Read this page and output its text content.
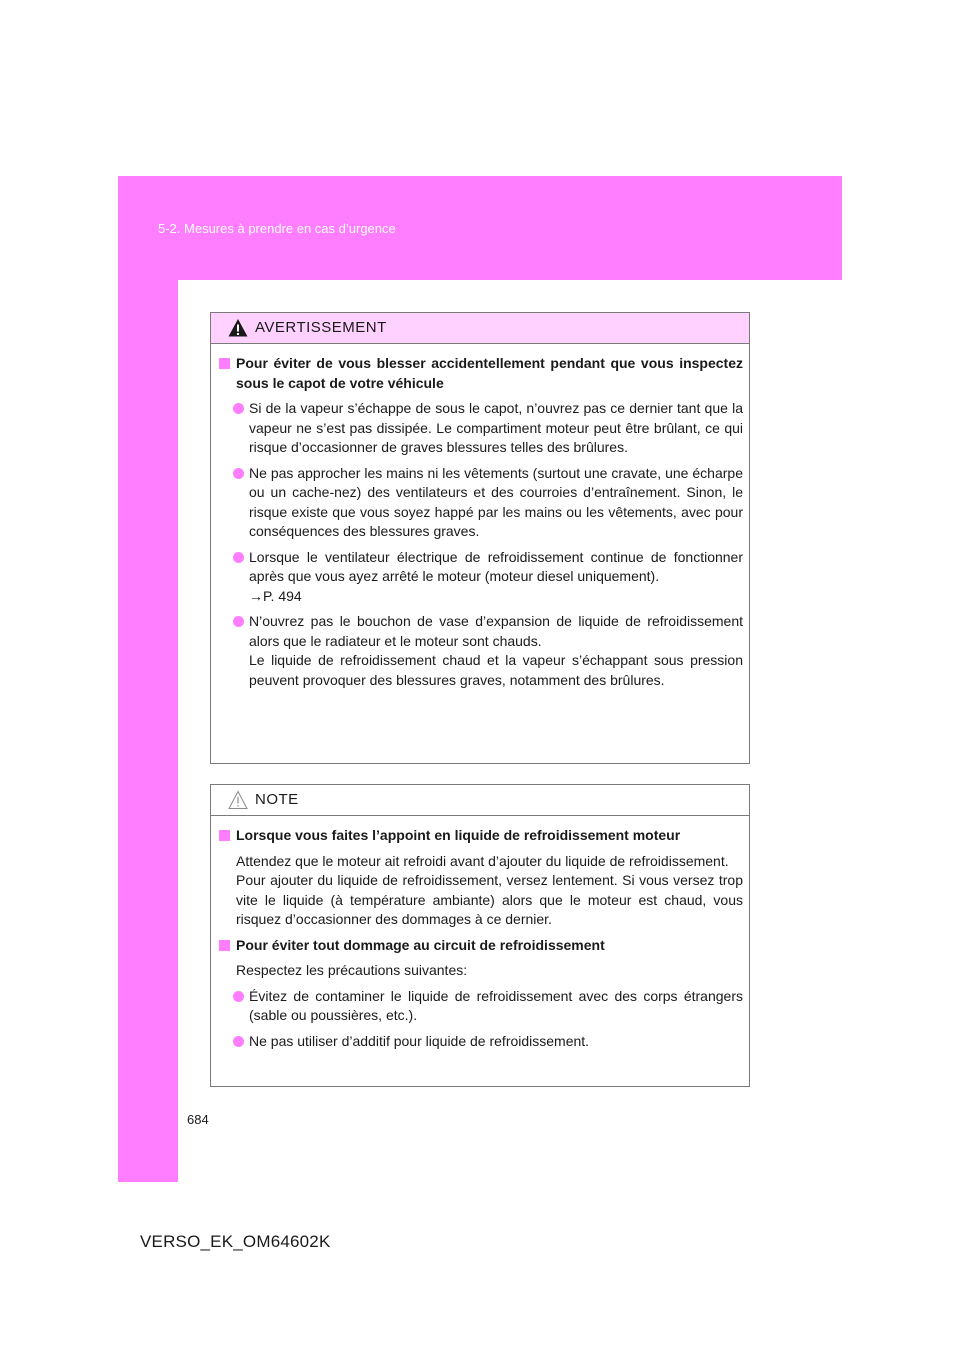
5-2. Mesures à prendre en cas d’urgence
AVERTISSEMENT
Pour éviter de vous blesser accidentellement pendant que vous inspectez sous le capot de votre véhicule
Si de la vapeur s’échappe de sous le capot, n’ouvrez pas ce dernier tant que la vapeur ne s’est pas dissipée. Le compartiment moteur peut être brûlant, ce qui risque d’occasionner de graves blessures telles des brûlures.
Ne pas approcher les mains ni les vêtements (surtout une cravate, une écharpe ou un cache-nez) des ventilateurs et des courroies d’entraînement. Sinon, le risque existe que vous soyez happé par les mains ou les vêtements, avec pour conséquences des blessures graves.
Lorsque le ventilateur électrique de refroidissement continue de fonctionner après que vous ayez arrêté le moteur (moteur diesel uniquement).
→P. 494
N’ouvrez pas le bouchon de vase d’expansion de liquide de refroidissement alors que le radiateur et le moteur sont chauds.
Le liquide de refroidissement chaud et la vapeur s’échappant sous pression peuvent provoquer des blessures graves, notamment des brûlures.
NOTE
Lorsque vous faites l’appoint en liquide de refroidissement moteur
Attendez que le moteur ait refroidi avant d’ajouter du liquide de refroidissement.
Pour ajouter du liquide de refroidissement, versez lentement. Si vous versez trop vite le liquide (à température ambiante) alors que le moteur est chaud, vous risquez d’occasionner des dommages à ce dernier.
Pour éviter tout dommage au circuit de refroidissement
Respectez les précautions suivantes:
Évitez de contaminer le liquide de refroidissement avec des corps étrangers (sable ou poussières, etc.).
Ne pas utiliser d’additif pour liquide de refroidissement.
684
VERSO_EK_OM64602K
